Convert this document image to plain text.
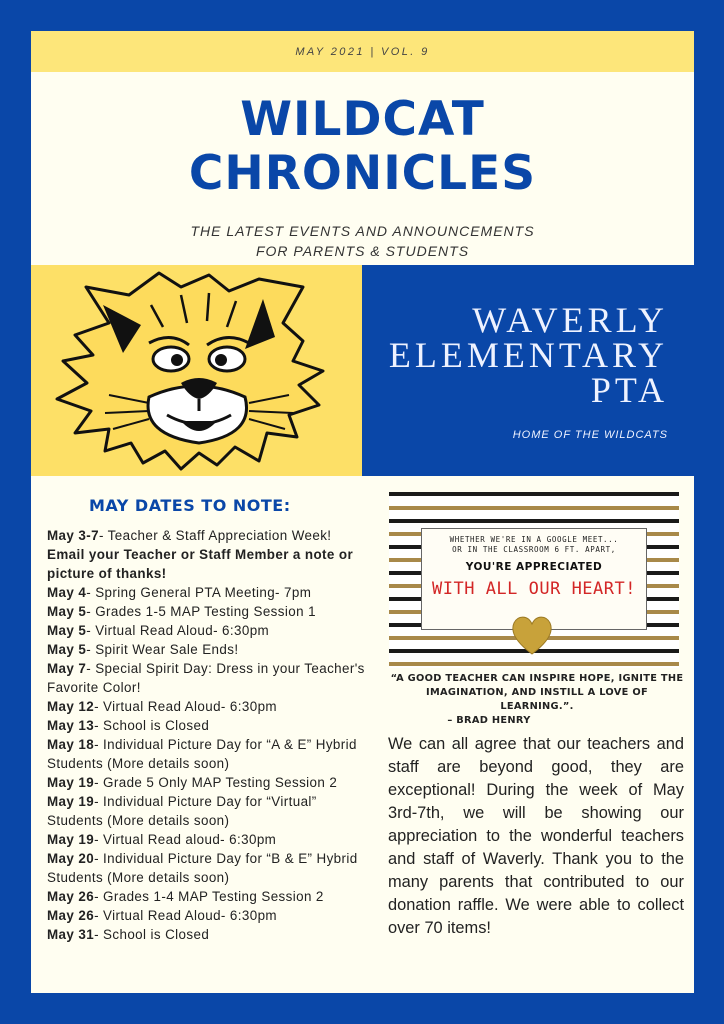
MAY 2021 | VOL. 9
WILDCAT
CHRONICLES
THE LATEST EVENTS AND ANNOUNCEMENTS
FOR PARENTS & STUDENTS
WAVERLY
ELEMENTARY
PTA
HOME OF THE WILDCATS
MAY DATES TO NOTE:
May 3-7- Teacher & Staff Appreciation Week! Email your Teacher or Staff Member a note or picture of thanks!
May 4- Spring General PTA Meeting- 7pm
May 5- Grades 1-5 MAP Testing Session 1
May 5- Virtual Read Aloud- 6:30pm
May 5- Spirit Wear Sale Ends!
May 7- Special Spirit Day: Dress in your Teacher's Favorite Color!
May 12- Virtual Read Aloud- 6:30pm
May 13- School is Closed
May 18- Individual Picture Day for “A & E” Hybrid Students (More details soon)
May 19- Grade 5 Only MAP Testing Session 2
May 19- Individual Picture Day for “Virtual” Students (More details soon)
May 19- Virtual Read aloud- 6:30pm
May 20- Individual Picture Day for “B & E” Hybrid Students (More details soon)
May 26- Grades 1-4 MAP Testing Session 2
May 26- Virtual Read Aloud- 6:30pm
May 31- School is Closed
WHETHER WE'RE IN A GOOGLE MEET...
OR IN THE CLASSROOM 6 FT. APART,
YOU'RE APPRECIATED
WITH ALL OUR HEART!
“A GOOD TEACHER CAN INSPIRE HOPE, IGNITE THE IMAGINATION, AND INSTILL A LOVE OF LEARNING.”.
– BRAD HENRY
We can all agree that our teachers and staff are beyond good, they are exceptional! During the week of May 3rd-7th, we will be showing our appreciation to the wonderful teachers and staff of Waverly. Thank you to the many parents that contributed to our donation raffle. We were able to collect over 70 items!
